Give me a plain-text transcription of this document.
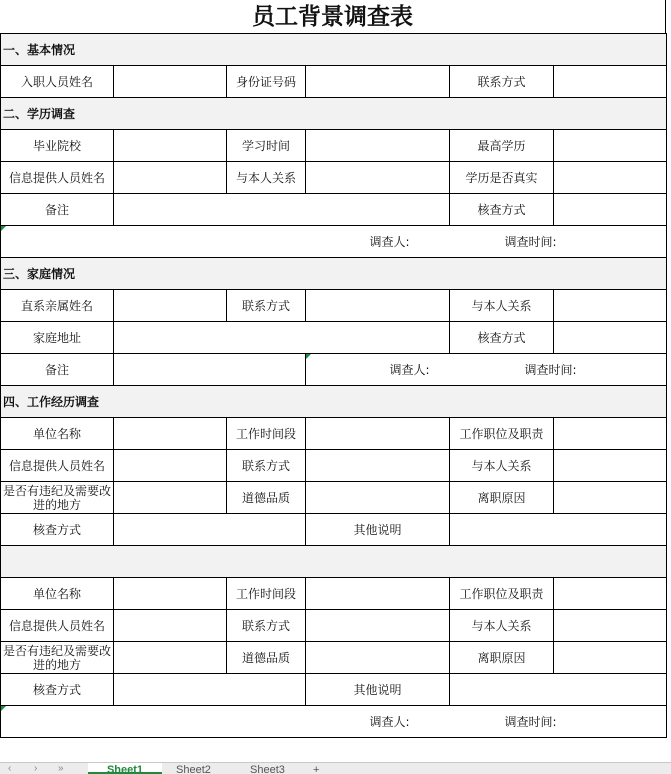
员工背景调查表
一、基本情况					
入职人员姓名		身份证号码		联系方式	
二、学历调查					
毕业院校		学习时间		最高学历	
信息提供人员姓名		与本人关系		学历是否真实	
备注				核查方式	
			调查人:	调查时间:	
三、家庭情况					
直系亲属姓名		联系方式		与本人关系	
家庭地址				核查方式	
备注			调查人:	调查时间:	
四、工作经历调查					
单位名称		工作时间段		工作职位及职责	
信息提供人员姓名		联系方式		与本人关系	
是否有违纪及需要改进的地方		道德品质		离职原因	
核查方式			其他说明		

单位名称		工作时间段		工作职位及职责	
信息提供人员姓名		联系方式		与本人关系	
是否有违纪及需要改进的地方		道德品质		离职原因	
核查方式			其他说明		
			调查人:	调查时间:	
‹ › »	Sheet1	Sheet2	Sheet3	+
